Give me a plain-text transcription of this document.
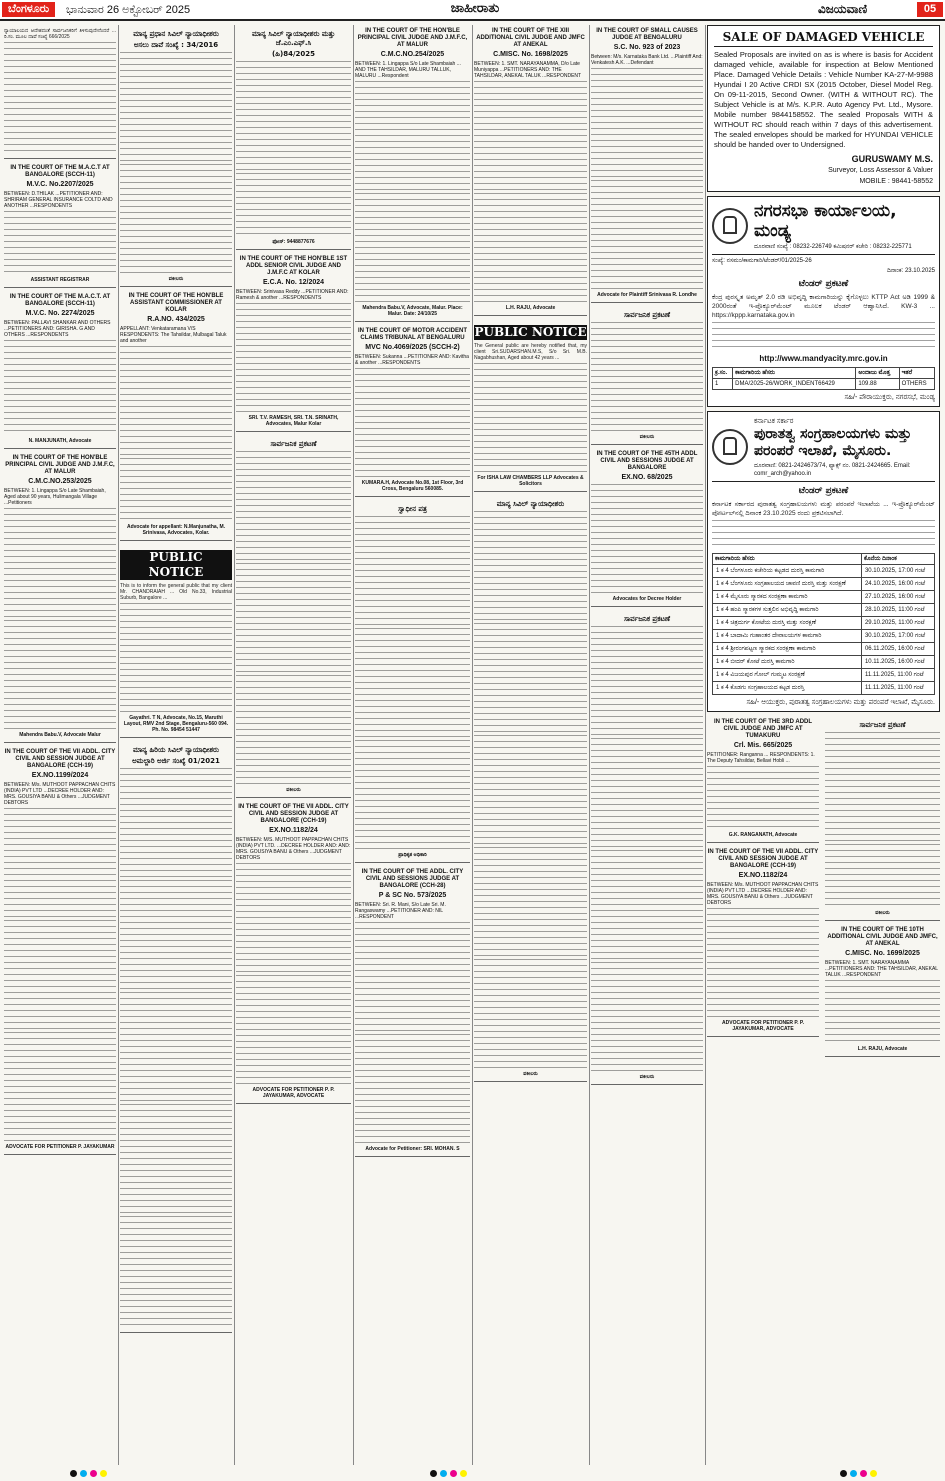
ಬೆಂಗಳೂರು	ಭಾನುವಾರ 26 ಅಕ್ಟೋಬರ್ 2025	ಜಾಹೀರಾತು	ವಿಜಯವಾಣಿ	05
ನ್ಯಾಯಾಲಯದ ಆದೇಶದಂತೆ ಸಾರ್ವಜನಿಕರಿಗೆ ತಿಳಿಸುವುದೇನೆಂದರೆ ... ರಿ.ಸಂ. ಮೂಲ ದಾವೆ ಸಂಖ್ಯೆ 666/2025
IN THE COURT OF THE M.A.C.T AT BANGALORE (SCCH-11)
M.V.C. No.2207/2025
BETWEEN: D.THILAK ...PETITIONER AND: SHRIRAM GENERAL INSURANCE COLTD AND ANOTHER ...RESPONDENTS
ASSISTANT REGISTRAR
IN THE COURT OF THE M.A.C.T. AT BANGALORE (SCCH-11)
M.V.C. No. 2274/2025
BETWEEN: PALLAVI SHANKAR AND OTHERS ...PETITIONERS AND: GIRISHA. G AND OTHERS ...RESPONDENTS
N. MANJUNATH, Advocate
IN THE COURT OF THE HON'BLE PRINCIPAL CIVIL JUDGE AND J.M.F.C, AT MALUR
C.M.C.NO.253/2025
BETWEEN: 1. Lingappa S/o Late Shambaiah, Aged about 90 years, Hulimangala Village ...Petitioners
Mahendra Babu.V, Advocate Malur
IN THE COURT OF THE VII ADDL. CITY CIVIL AND SESSION JUDGE AT BANGALORE (CCH-19)
EX.NO.1199/2024
BETWEEN: M/s. MUTHOOT PAPPACHAN CHITS (INDIA) PVT LTD ...DECREE HOLDER AND: MRS. GOUSIYA BANU & Others ...JUDGMENT DEBTORS
ADVOCATE FOR PETITIONER P. JAYAKUMAR
ಮಾನ್ಯ ಪ್ರಧಾನ ಸಿವಿಲ್ ನ್ಯಾಯಾಧೀಶರು
ಅಸಲು ದಾವೆ ಸಂಖ್ಯೆ : 34/2016
ವಕೀಲರು
IN THE COURT OF THE HON'BLE ASSISTANT COMMISSIONER AT KOLAR
R.A.NO. 434/2025
APPELLANT: Venkataramana V/S RESPONDENTS: The Tahsildar, Mulbagal Taluk and another
Advocate for appellant: N.Manjunatha, M. Srinivasa, Advocates, Kolar.
PUBLIC NOTICE
This is to inform the general public that my client Mr. CHANDRAIAH ... Old No.33, Industrial Suburb, Bangalore ...
Gayathri. T N, Advocate, No.15, Maruthi Layout, RMV 2nd Stage, Bengaluru-560 094. Ph. No. 98454 51447
ಮಾನ್ಯ ಹಿರಿಯ ಸಿವಿಲ್ ನ್ಯಾಯಾಧೀಶರು
ಅಮಲ್ಜಾರಿ ಅರ್ಜಿ ಸಂಖ್ಯೆ 01/2021
ಮಾನ್ಯ ಸಿವಿಲ್ ನ್ಯಾಯಾಧೀಶರು ಮತ್ತು ಜೆ.ಎಂ.ಎಫ್.ಸಿ
(ಹಿ)84/2025
ಫೋನ್: 9448877676
IN THE COURT OF THE HON'BLE 1ST ADDL SENIOR CIVIL JUDGE AND J.M.F.C AT KOLAR
E.C.A. No. 12/2024
BETWEEN: Srinivasa Reddy ...PETITIONER AND: Ramesh & another ...RESPONDENTS
SRI. T.V. RAMESH, SRI. T.N. SRINATH, Advocates, Malur Kolar
ಸಾರ್ವಜನಿಕ ಪ್ರಕಟಣೆ
ವಕೀಲರು
IN THE COURT OF THE VII ADDL. CITY CIVIL AND SESSION JUDGE AT BANGALORE (CCH-19)
EX.NO.1182/24
BETWEEN: M/S. MUTHOOT PAPPACHAN CHITS (INDIA) PVT LTD. ...DECREE HOLDER AND: AND: MRS. GOUSIYA BANU & Others ...JUDGMENT DEBTORS
ADVOCATE FOR PETITIONER P. P. JAYAKUMAR, ADVOCATE
IN THE COURT OF THE HON'BLE PRINCIPAL CIVIL JUDGE AND J.M.F.C, AT MALUR
C.M.C.NO.254/2025
BETWEEN: 1. Lingappa S/o Late Shambaiah ... AND THE TAHSILDAR, MALURU TALLUK, MALURU ...Respondent
Mahendra Babu.V, Advocate, Malur. Place: Malur. Date: 24/10/25
IN THE COURT OF MOTOR ACCIDENT CLAIMS TRIBUNAL AT BENGALURU
MVC No.4069/2025 (SCCH-2)
BETWEEN: Sukanna ...PETITIONER AND: Kavitha & another ...RESPONDENTS
KUMARA.H, Advocate No.08, 1st Floor, 3rd Cross, Bengaluru 560085.
ಸ್ವಾಧೀನ ಪತ್ರ
ಪ್ರಾಧಿಕೃತ ಅಧಿಕಾರಿ
IN THE COURT OF THE ADDL. CITY CIVIL AND SESSIONS JUDGE AT BANGALORE (CCH-28)
P & SC No. 573/2025
BETWEEN: Sri. R. Mani, S/o Late Sri. M. Rangaswamy ...PETITIONER AND: NIL ...RESPONDENT
Advocate for Petitioner: SRI. MOHAN. S
IN THE COURT OF THE XIII ADDITIONAL CIVIL JUDGE AND JMFC AT ANEKAL
C.MISC. No. 1698/2025
BETWEEN: 1. SMT. NARAYANAMMA, D/o Late Muniyappa ...PETITIONERS AND: THE TAHSILDAR, ANEKAL TALUK ...RESPONDENT
L.H. RAJU, Advocate
PUBLIC NOTICE
The General public are hereby notified that, my client Sri.SUDARSHAN.M.S, S/o Sri. M.B. Nagabhushan, Aged about 42 years ...
For ISHA LAW CHAMBERS LLP Advocates & Solicitors
ಮಾನ್ಯ ಸಿವಿಲ್ ನ್ಯಾಯಾಧೀಶರು
ವಕೀಲರು
IN THE COURT OF SMALL CAUSES JUDGE AT BENGALURU
S.C. No. 923 of 2023
Between: M/s. Karnataka Bank Ltd. ...Plaintiff And: Venkatesh A.K. ...Defendant
Advocate for Plaintiff Srinivasa R. Londhe
ಸಾರ್ವಜನಿಕ ಪ್ರಕಟಣೆ
ವಕೀಲರು
IN THE COURT OF THE 45TH ADDL CIVIL AND SESSIONS JUDGE AT BANGALORE
EX.NO. 68/2025
Advocates for Decree Holder
ಸಾರ್ವಜನಿಕ ಪ್ರಕಟಣೆ
ವಕೀಲರು
SALE OF DAMAGED VEHICLE
Sealed Proposals are invited on as is where is basis for Accident damaged vehicle, available for inspection at Below Mentioned Place. Damaged Vehicle Details : Vehicle Number KA-27-M-9988 Hyundai I 20 Active CRDI SX (2015 October, Diesel Model Reg. On 09-11-2015, Second Owner. (WITH & WITHOUT RC). The Subject Vehicle is at M/s. K.P.R. Auto Agency Pvt. Ltd., Mysore. Mobile number 9844158552. The sealed Proposals WITH & WITHOUT RC should reach within 7 days of this advertisement. The sealed envelopes should be marked for HYUNDAI VEHICLE should be handed over to Undersigned.
GURUSWAMY M.S.
Surveyor, Loss Assessor & Valuer
MOBILE : 98441-58552
ನಗರಸಭಾ ಕಾರ್ಯಾಲಯ, ಮಂಡ್ಯ
ದೂರವಾಣಿ ಸಂಖ್ಯೆ : 08232-226749 ಕಮಿಷನರ್ ಕಚೇರಿ : 08232-225771
ಸಂಖ್ಯೆ: ನಸಮಂ/ಕಾಮಗಾರಿ/ಟೆಂಡರ್/01/2025-26
ದಿನಾಂಕ: 23.10.2025
ಟೆಂಡರ್ ಪ್ರಕಟಣೆ
ಕೆಂದ್ರ ಪುರಸ್ಕೃತ ಅಮೃತ್ 2.0 ರಡಿ ಅಭಿವೃದ್ಧಿ ಕಾಮಗಾರಿಯನ್ನು ಕೈಗೊಳ್ಳಲು KTTP Act ಅಡಿ 1999 & 2000ರಂತೆ ಇ-ಪ್ರೊಕ್ಯೂರ್‌ಮೆಂಟ್ ಮೂಲಕ ಟೆಂಡರ್ ಆಹ್ವಾನಿಸಿದೆ. KW-3 ... https://kppp.karnataka.gov.in
http://www.mandyacity.mrc.gov.in
ಕ್ರ.ಸಂ.	ಕಾಮಗಾರಿಯ ಹೆಸರು	ಅಂದಾಜು ಮೊತ್ತ	ಇತರೆ
1	DMA/2025-26/WORK_INDENT66429	109.88	OTHERS
ಸಹಿ/- ಪೌರಾಯುಕ್ತರು, ನಗರಸಭೆ, ಮಂಡ್ಯ
ಕರ್ನಾಟಕ ಸರ್ಕಾರ
ಪುರಾತತ್ವ ಸಂಗ್ರಹಾಲಯಗಳು ಮತ್ತು ಪರಂಪರೆ ಇಲಾಖೆ, ಮೈಸೂರು.
ದೂರವಾಣಿ: 0821-2424673/74, ಫ್ಯಾಕ್ಸ್ ನಂ. 0821-2424665. Email: comr_arch@yahoo.in
ಟೆಂಡರ್ ಪ್ರಕಟಣೆ
ಕರ್ನಾಟಕ ಸರ್ಕಾರದ ಪುರಾತತ್ವ ಸಂಗ್ರಹಾಲಯಗಳು ಮತ್ತು ಪರಂಪರೆ ಇಲಾಖೆಯ ... ಇ-ಪ್ರೊಕ್ಯೂರ್‌ಮೆಂಟ್ ಪೋರ್ಟಲ್‌ನಲ್ಲಿ ದಿನಾಂಕ 23.10.2025 ರಂದು ಪ್ರಕಟಿಸಲಾಗಿದೆ.
ಕಾಮಗಾರಿಯ ಹೆಸರು	ಕೊನೆಯ ದಿನಾಂಕ
1 ಕ 4 ಬೆಂಗಳೂರು ಕಚೇರಿಯ ಕಟ್ಟಡದ ದುರಸ್ತಿ ಕಾಮಗಾರಿ	30.10.2025, 17:00 ಗಂಟೆ
1 ಕ 4 ಬೆಂಗಳೂರು ಸಂಗ್ರಹಾಲಯದ ಚಾವಣಿ ದುರಸ್ತಿ ಮತ್ತು ಸಂರಕ್ಷಣೆ	24.10.2025, 16:00 ಗಂಟೆ
1 ಕ 4 ಮೈಸೂರು ಸ್ಮಾರಕದ ಸಂರಕ್ಷಣಾ ಕಾಮಗಾರಿ	27.10.2025, 16:00 ಗಂಟೆ
1 ಕ 4 ಹಂಪಿ ಸ್ಮಾರಕಗಳ ಸುತ್ತಲಿನ ಅಭಿವೃದ್ಧಿ ಕಾಮಗಾರಿ	28.10.2025, 11:00 ಗಂಟೆ
1 ಕ 4 ಚಿತ್ರದುರ್ಗ ಕೋಟೆಯ ದುರಸ್ತಿ ಮತ್ತು ಸಂರಕ್ಷಣೆ	29.10.2025, 11:00 ಗಂಟೆ
1 ಕ 4 ಬಾದಾಮಿ ಗುಹಾಂತರ ದೇವಾಲಯಗಳ ಕಾಮಗಾರಿ	30.10.2025, 17:00 ಗಂಟೆ
1 ಕ 4 ಶ್ರೀರಂಗಪಟ್ಟಣ ಸ್ಮಾರಕದ ಸಂರಕ್ಷಣಾ ಕಾಮಗಾರಿ	06.11.2025, 16:00 ಗಂಟೆ
1 ಕ 4 ಬೀದರ್ ಕೋಟೆ ದುರಸ್ತಿ ಕಾಮಗಾರಿ	10.11.2025, 16:00 ಗಂಟೆ
1 ಕ 4 ವಿಜಯಪುರ ಗೋಲ್ ಗುಮ್ಮಟ ಸಂರಕ್ಷಣೆ	11.11.2025, 11:00 ಗಂಟೆ
1 ಕ 4 ಕೊಡಗು ಸಂಗ್ರಹಾಲಯದ ಕಟ್ಟಡ ದುರಸ್ತಿ	11.11.2025, 11:00 ಗಂಟೆ
ಸಹಿ/- ಆಯುಕ್ತರು, ಪುರಾತತ್ವ ಸಂಗ್ರಹಾಲಯಗಳು ಮತ್ತು ಪರಂಪರೆ ಇಲಾಖೆ, ಮೈಸೂರು.
IN THE COURT OF THE 3RD ADDL CIVIL JUDGE AND JMFC AT TUMAKURU
Crl. Mis. 665/2025
PETITIONER: Ranganna ... RESPONDENTS: 1. The Deputy Tahsildar, Bellavi Hobli ...
G.K. RANGANATH, Advocate
IN THE COURT OF THE VII ADDL. CITY CIVIL AND SESSION JUDGE AT BANGALORE (CCH-19)
EX.NO.1182/24
BETWEEN: M/s. MUTHOOT PAPPACHAN CHITS (INDIA) PVT LTD ...DECREE HOLDER AND: MRS. GOUSIYA BANU & Others ...JUDGMENT DEBTORS
ADVOCATE FOR PETITIONER P. P. JAYAKUMAR, ADVOCATE
ಸಾರ್ವಜನಿಕ ಪ್ರಕಟಣೆ
ವಕೀಲರು
IN THE COURT OF THE 10TH ADDITIONAL CIVIL JUDGE AND JMFC, AT ANEKAL
C.MISC. No. 1699/2025
BETWEEN: 1. SMT. NARAYANAMMA ...PETITIONERS AND: THE TAHSILDAR, ANEKAL TALUK ...RESPONDENT
L.H. RAJU, Advocate
